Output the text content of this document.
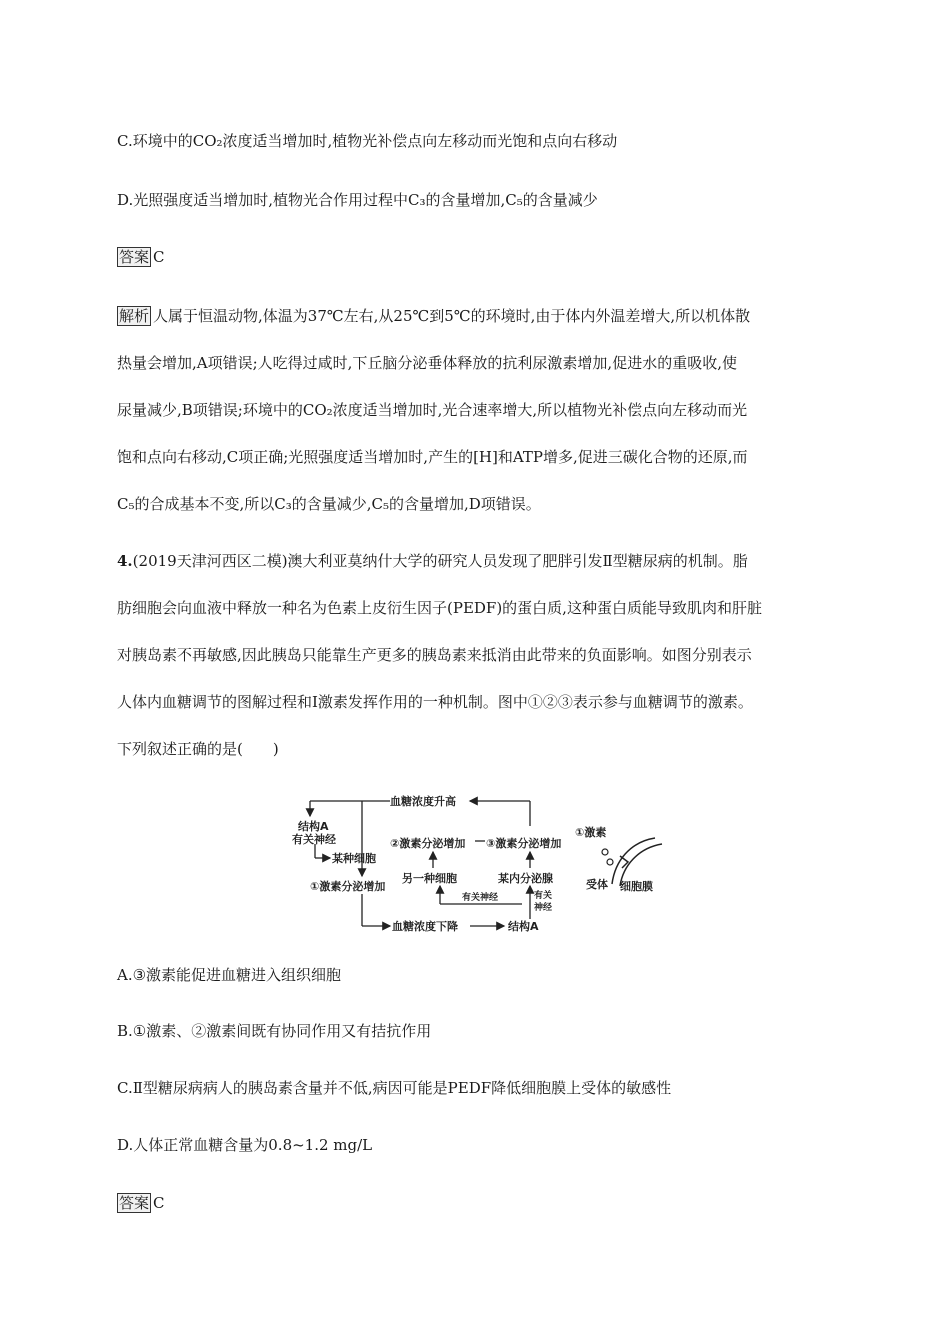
C.环境中的CO₂浓度适当增加时,植物光补偿点向左移动而光饱和点向右移动
D.光照强度适当增加时,植物光合作用过程中C₃的含量增加,C₅的含量减少
答案 C
解析 人属于恒温动物,体温为37℃左右,从25℃到5℃的环境时,由于体内外温差增大,所以机体散
热量会增加,A项错误;人吃得过咸时,下丘脑分泌垂体释放的抗利尿激素增加,促进水的重吸收,使
尿量减少,B项错误;环境中的CO₂浓度适当增加时,光合速率增大,所以植物光补偿点向左移动而光
饱和点向右移动,C项正确;光照强度适当增加时,产生的[H]和ATP增多,促进三碳化合物的还原,而
C₅的合成基本不变,所以C₃的含量减少,C₅的含量增加,D项错误。
4.(2019天津河西区二模)澳大利亚莫纳什大学的研究人员发现了肥胖引发Ⅱ型糖尿病的机制。脂
肪细胞会向血液中释放一种名为色素上皮衍生因子(PEDF)的蛋白质,这种蛋白质能导致肌肉和肝脏
对胰岛素不再敏感,因此胰岛只能靠生产更多的胰岛素来抵消由此带来的负面影响。如图分别表示
人体内血糖调节的图解过程和Ⅰ激素发挥作用的一种机制。图中①②③表示参与血糖调节的激素。
下列叙述正确的是(　　)
血糖浓度升高
结构A
有关神经
某种细胞
①激素分泌增加
②激素分泌增加 ③激素分泌增加
另一种细胞	某内分泌腺
血糖浓度下降	结构A
①激素
受体 细胞膜
有关神经	有关
神经
A.③激素能促进血糖进入组织细胞
B.①激素、②激素间既有协同作用又有拮抗作用
C.Ⅱ型糖尿病病人的胰岛素含量并不低,病因可能是PEDF降低细胞膜上受体的敏感性
D.人体正常血糖含量为0.8~1.2 mg/L
答案 C
